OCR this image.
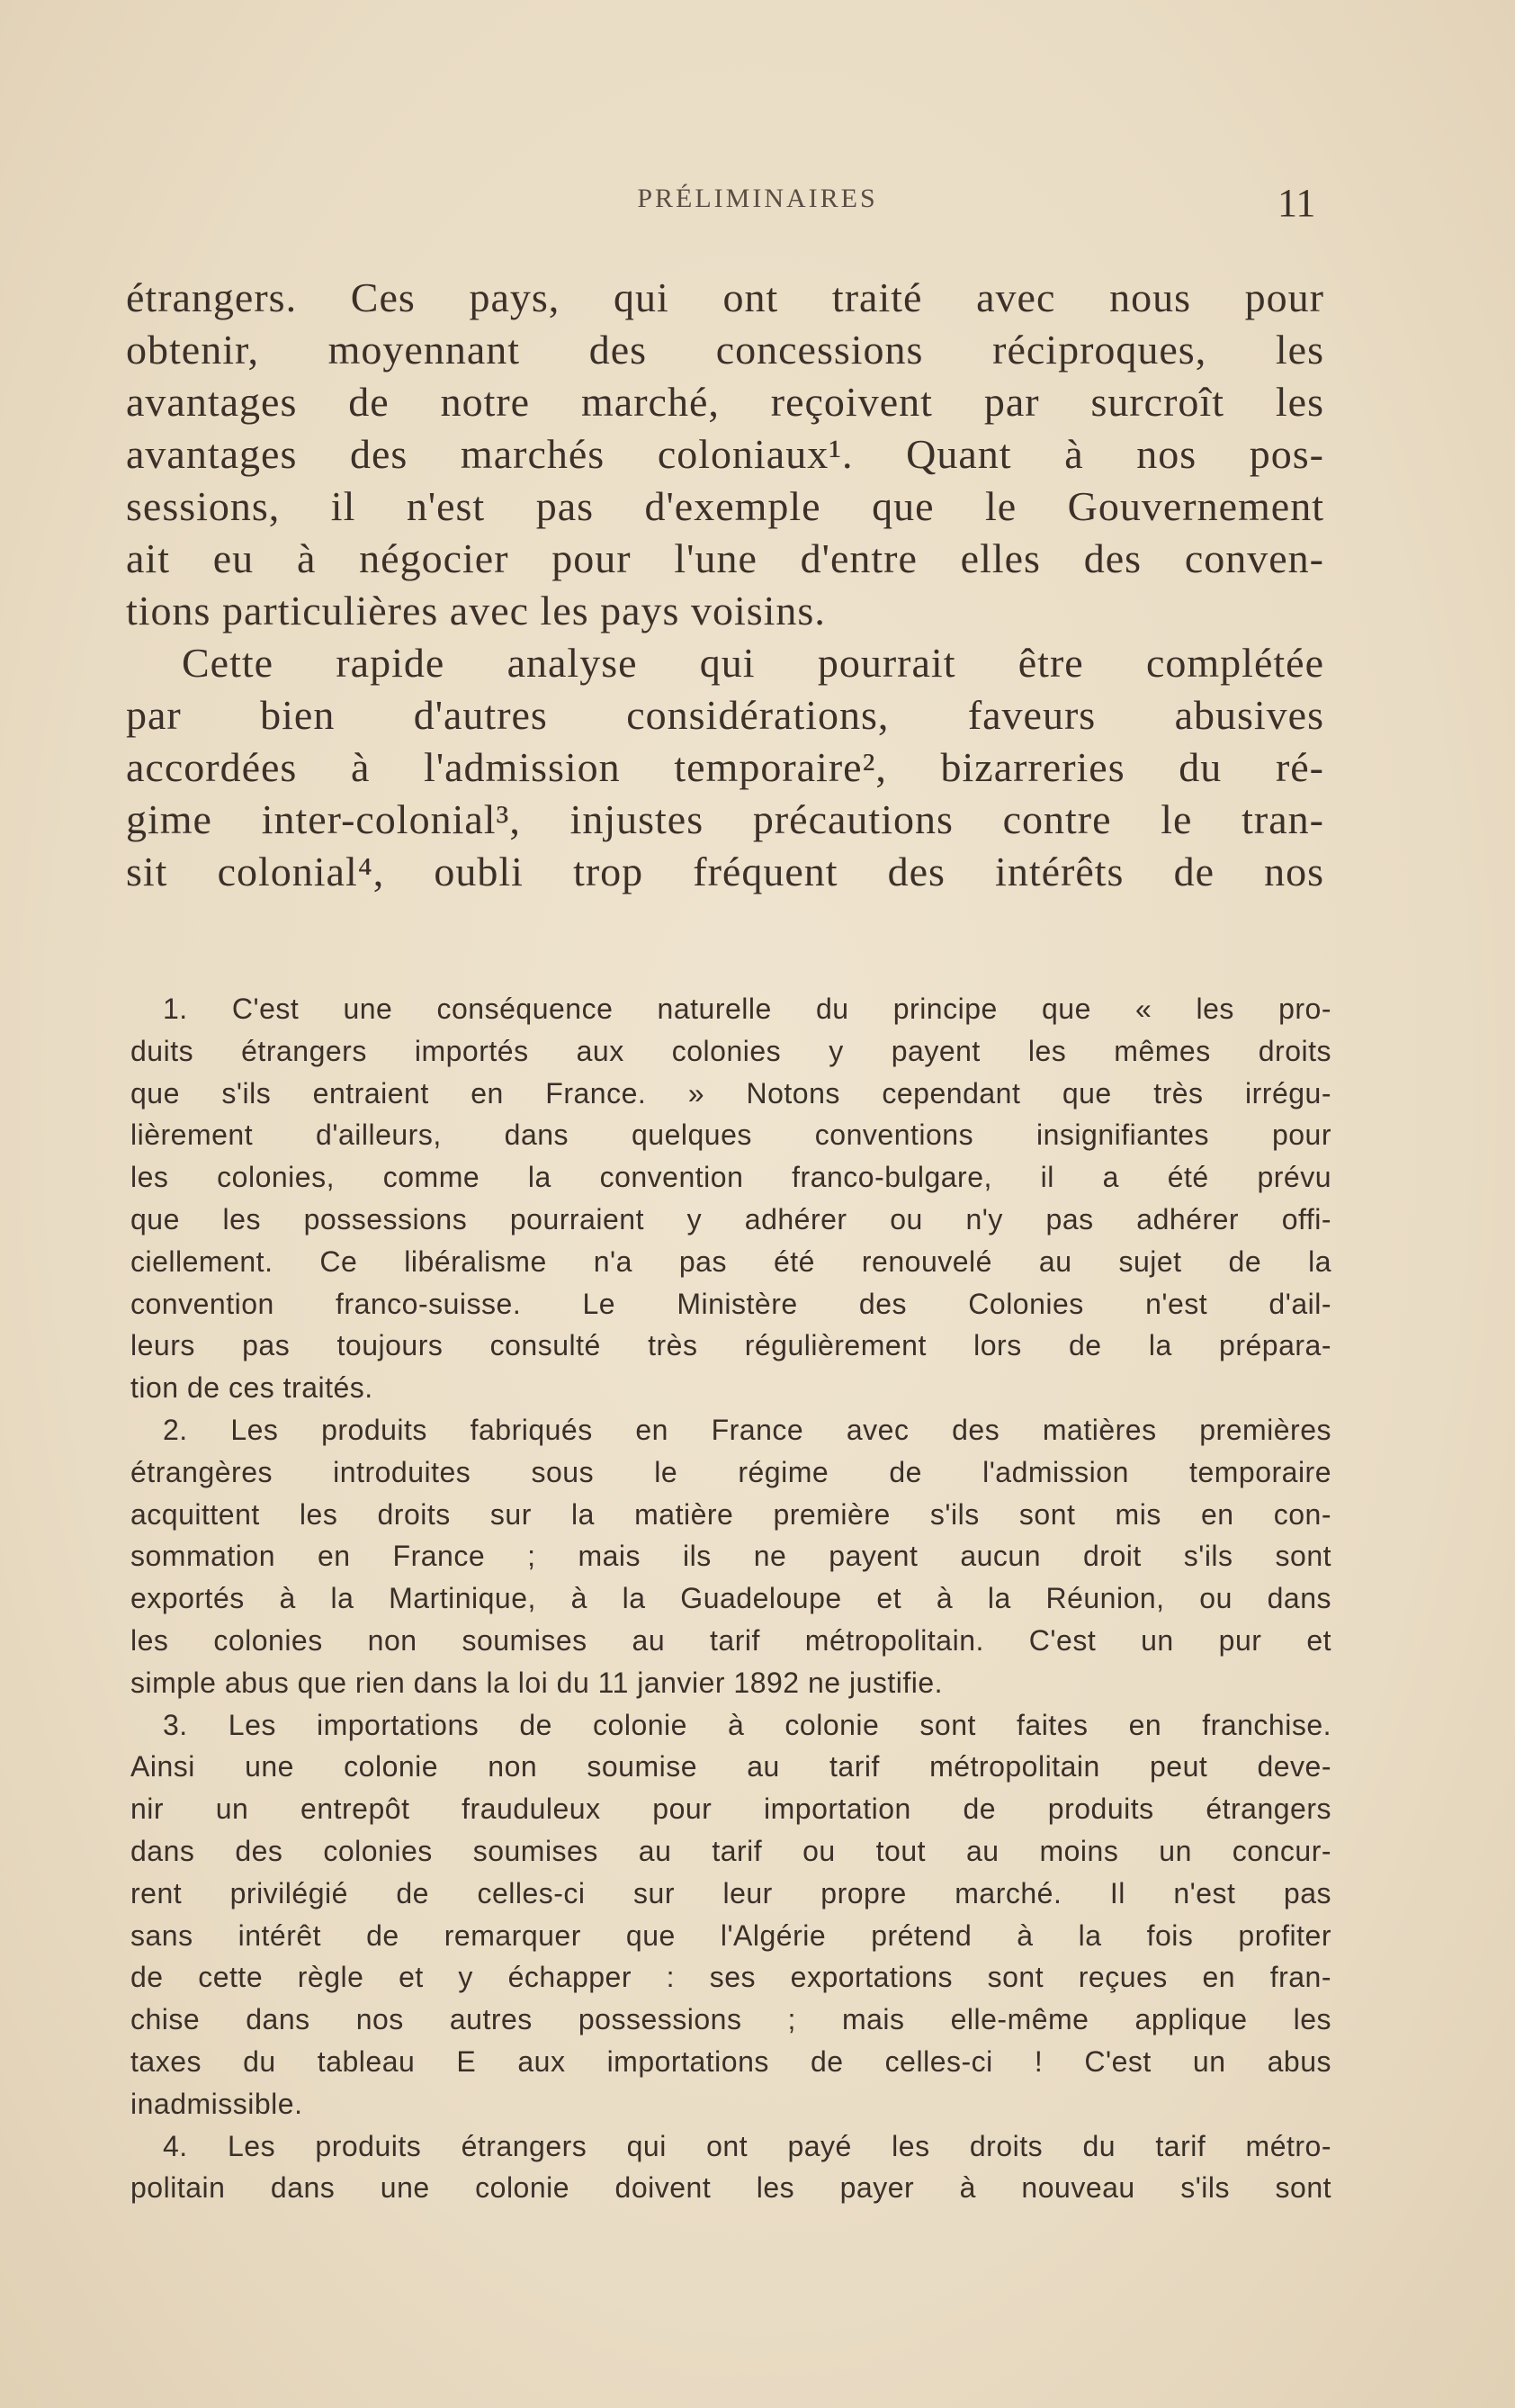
PRÉLIMINAIRES	11
étrangers. Ces pays, qui ont traité avec nous pour
obtenir, moyennant des concessions réciproques, les
avantages de notre marché, reçoivent par surcroît les
avantages des marchés coloniaux¹. Quant à nos pos-
sessions, il n'est pas d'exemple que le Gouvernement
ait eu à négocier pour l'une d'entre elles des conven-
tions particulières avec les pays voisins.
Cette rapide analyse qui pourrait être complétée
par bien d'autres considérations, faveurs abusives
accordées à l'admission temporaire², bizarreries du ré-
gime inter-colonial³, injustes précautions contre le tran-
sit colonial⁴, oubli trop fréquent des intérêts de nos
1. C'est une conséquence naturelle du principe que « les pro-
duits étrangers importés aux colonies y payent les mêmes droits
que s'ils entraient en France. » Notons cependant que très irrégu-
lièrement d'ailleurs, dans quelques conventions insignifiantes pour
les colonies, comme la convention franco-bulgare, il a été prévu
que les possessions pourraient y adhérer ou n'y pas adhérer offi-
ciellement. Ce libéralisme n'a pas été renouvelé au sujet de la
convention franco-suisse. Le Ministère des Colonies n'est d'ail-
leurs pas toujours consulté très régulièrement lors de la prépara-
tion de ces traités.
2. Les produits fabriqués en France avec des matières premières
étrangères introduites sous le régime de l'admission temporaire
acquittent les droits sur la matière première s'ils sont mis en con-
sommation en France ; mais ils ne payent aucun droit s'ils sont
exportés à la Martinique, à la Guadeloupe et à la Réunion, ou dans
les colonies non soumises au tarif métropolitain. C'est un pur et
simple abus que rien dans la loi du 11 janvier 1892 ne justifie.
3. Les importations de colonie à colonie sont faites en franchise.
Ainsi une colonie non soumise au tarif métropolitain peut deve-
nir un entrepôt frauduleux pour importation de produits étrangers
dans des colonies soumises au tarif ou tout au moins un concur-
rent privilégié de celles-ci sur leur propre marché. Il n'est pas
sans intérêt de remarquer que l'Algérie prétend à la fois profiter
de cette règle et y échapper : ses exportations sont reçues en fran-
chise dans nos autres possessions ; mais elle-même applique les
taxes du tableau E aux importations de celles-ci ! C'est un abus
inadmissible.
4. Les produits étrangers qui ont payé les droits du tarif métro-
politain dans une colonie doivent les payer à nouveau s'ils sont
